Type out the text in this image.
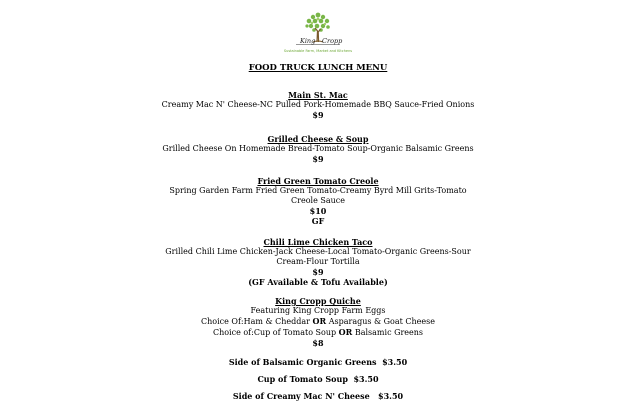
King Cropp
Sustainable Farm, Market and Kitchens
FOOD TRUCK LUNCH MENU
Main St. Mac
Creamy Mac N' Cheese-NC Pulled Pork-Homemade BBQ Sauce-Fried Onions
$9
Grilled Cheese & Soup
Grilled Cheese On Homemade Bread-Tomato Soup-Organic Balsamic Greens
$9
Fried Green Tomato Creole
Spring Garden Farm Fried Green Tomato-Creamy Byrd Mill Grits-Tomato
Creole Sauce
$10
GF
Chili Lime Chicken Taco
Grilled Chili Lime Chicken-Jack Cheese-Local Tomato-Organic Greens-Sour
Cream-Flour Tortilla
$9
(GF Available & Tofu Available)
King Cropp Quiche
Featuring King Cropp Farm Eggs
Choice Of:Ham & Cheddar OR Asparagus & Goat Cheese
Choice of:Cup of Tomato Soup OR Balsamic Greens
$8
Side of Balsamic Organic Greens  $3.50
Cup of Tomato Soup  $3.50
Side of Creamy Mac N' Cheese   $3.50
